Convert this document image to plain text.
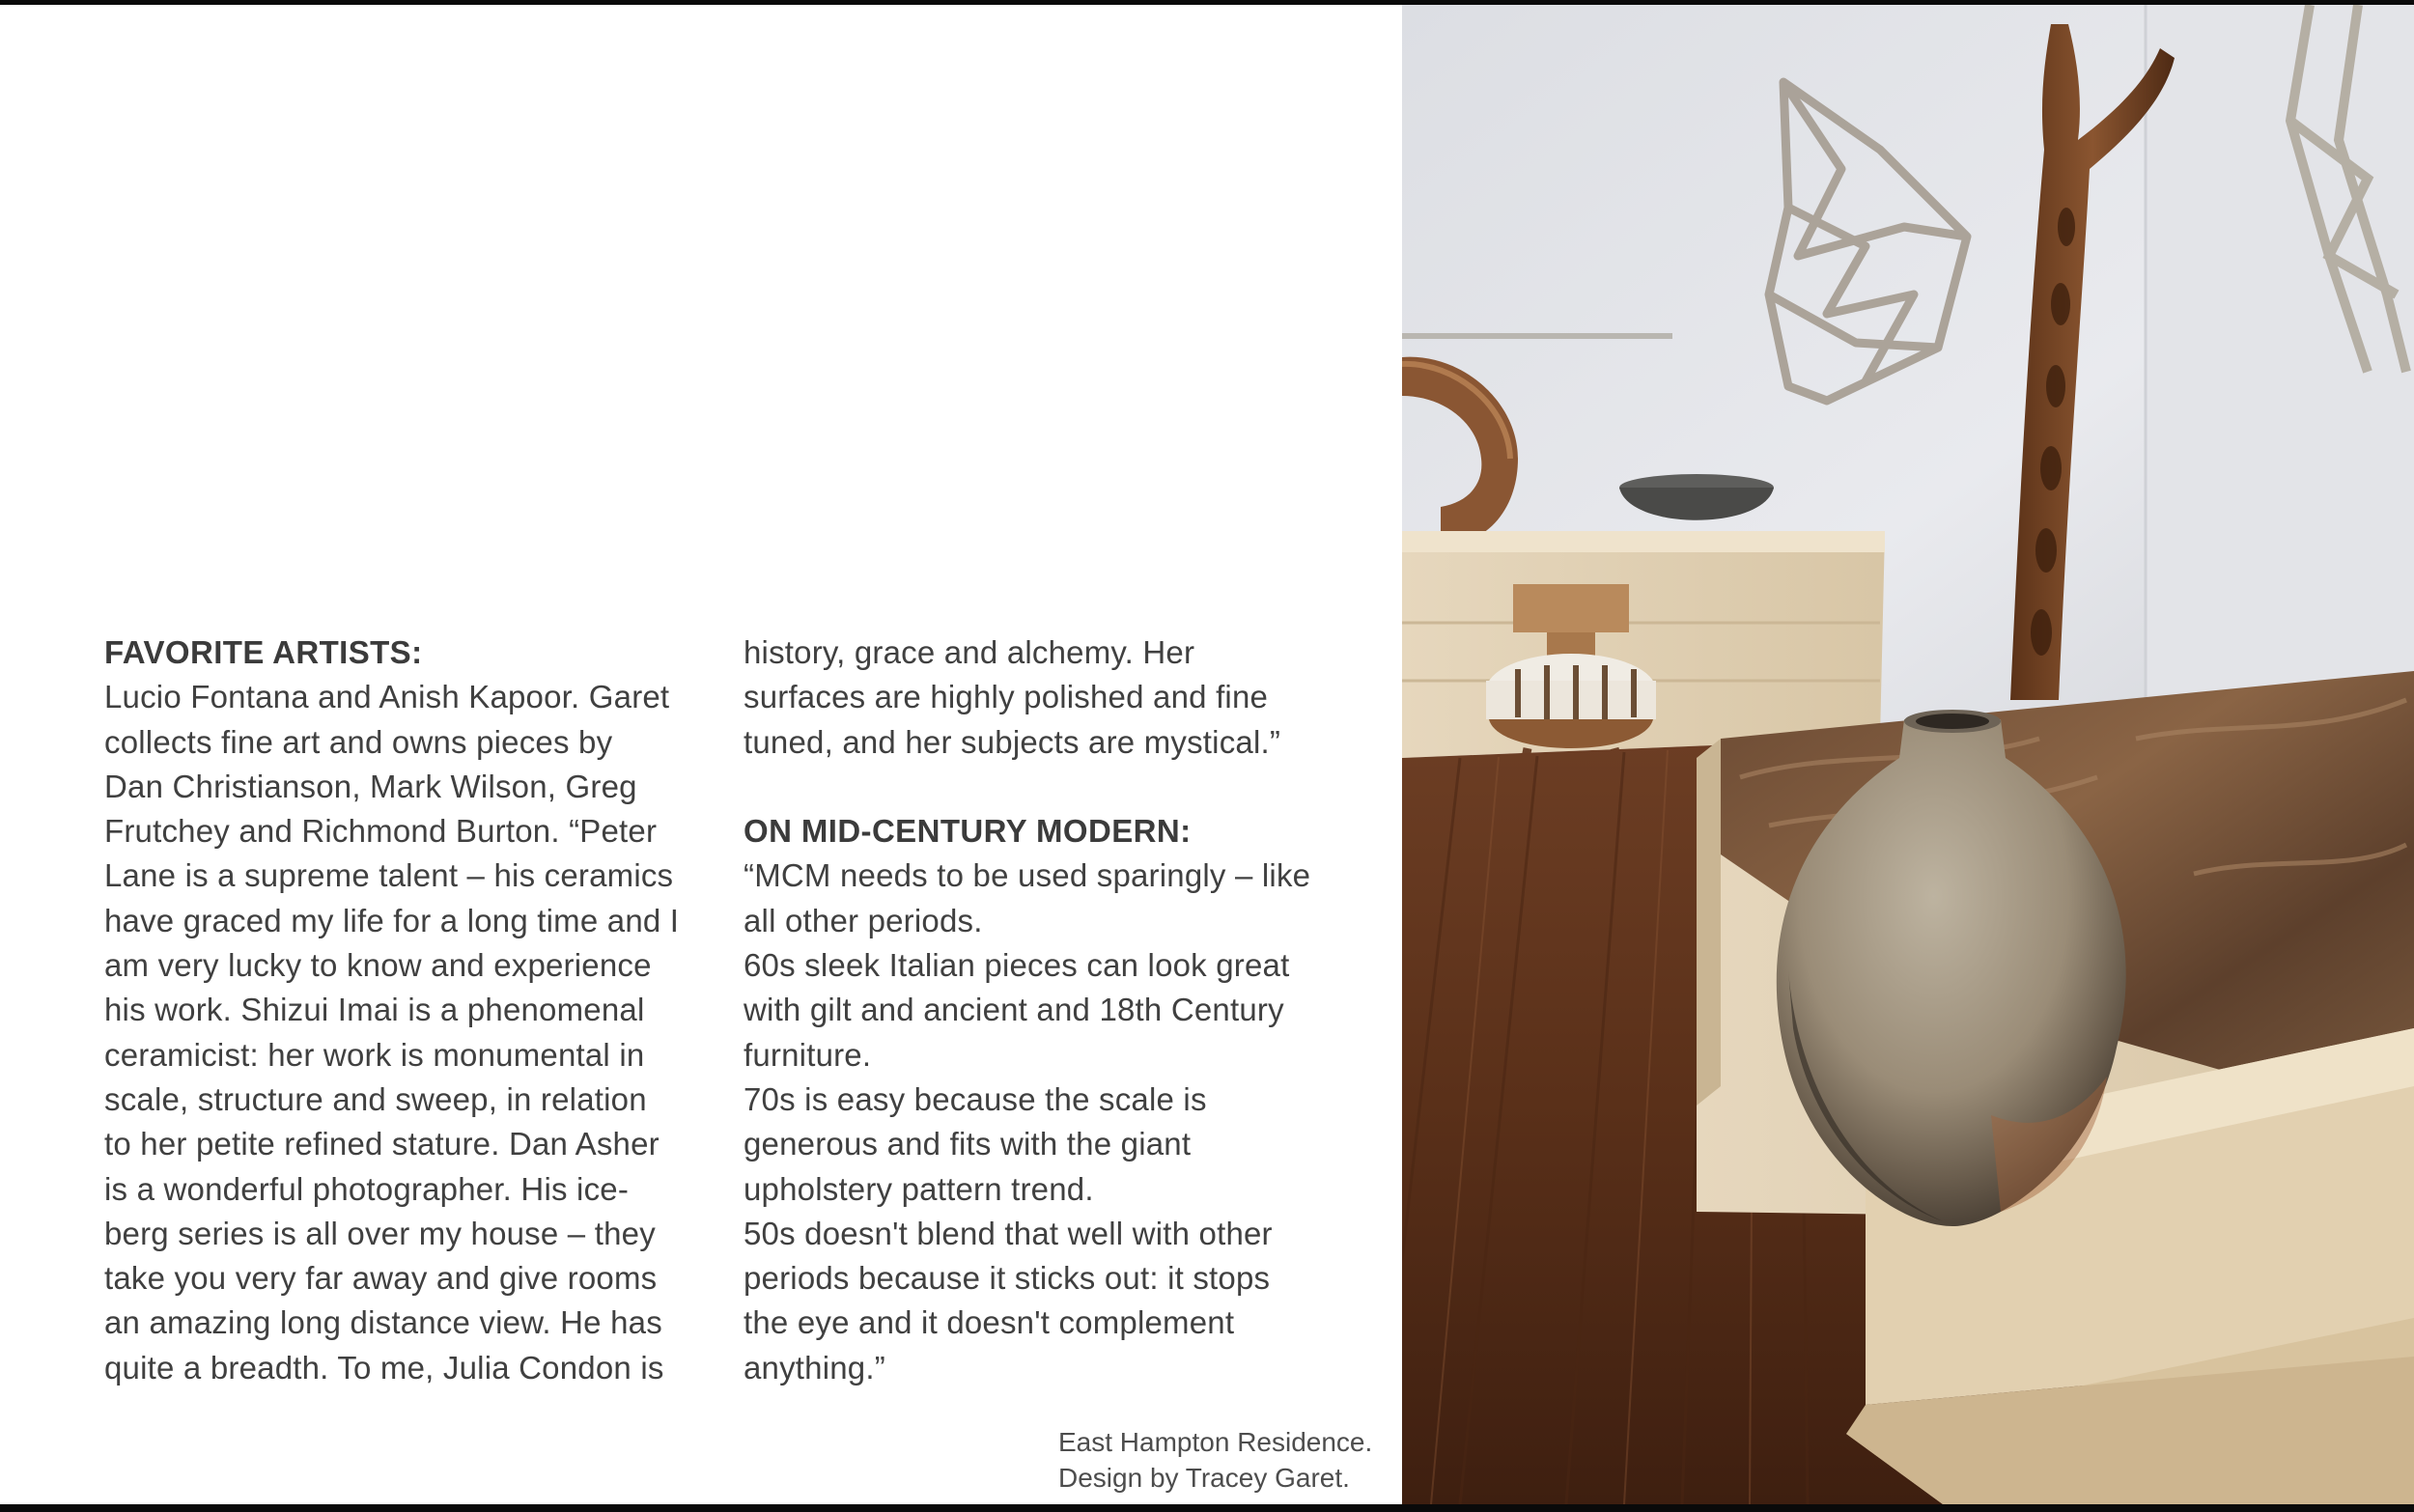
FAVORITE ARTISTS:
Lucio Fontana and Anish Kapoor. Garet
collects fine art and owns pieces by
Dan Christianson, Mark Wilson, Greg
Frutchey and Richmond Burton. “Peter
Lane is a supreme talent – his ceramics
have graced my life for a long time and I
am very lucky to know and experience
his work. Shizui Imai is a phenomenal
ceramicist: her work is monumental in
scale, structure and sweep, in relation
to her petite refined stature. Dan Asher
is a wonderful photographer. His ice-
berg series is all over my house – they
take you very far away and give rooms
an amazing long distance view. He has
quite a breadth. To me, Julia Condon is
history, grace and alchemy. Her
surfaces are highly polished and fine
tuned, and her subjects are mystical.”
ON MID-CENTURY MODERN:
“MCM needs to be used sparingly – like
all other periods.
60s sleek Italian pieces can look great
with gilt and ancient and 18th Century
furniture.
70s is easy because the scale is
generous and fits with the giant
upholstery pattern trend.
50s doesn't blend that well with other
periods because it sticks out: it stops
the eye and it doesn't complement
anything.”
East Hampton Residence.
Design by Tracey Garet.
